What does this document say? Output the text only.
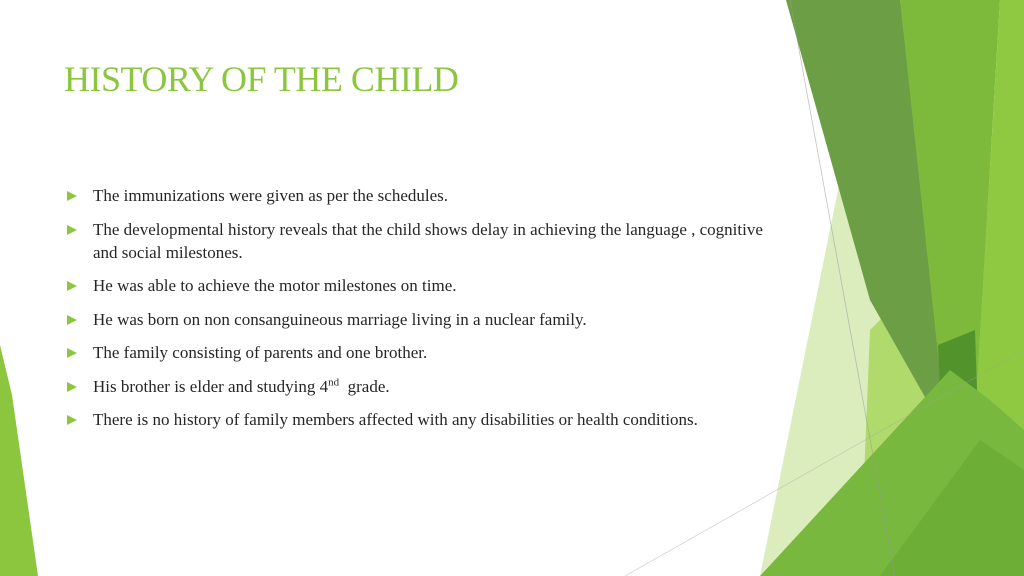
HISTORY OF THE CHILD
The immunizations were given as per the schedules.
The developmental history reveals that the child shows delay in achieving the language , cognitive and social milestones.
He was able to achieve the motor milestones on time.
He was born on non consanguineous marriage living in a nuclear family.
The family consisting of parents and one brother.
His brother is elder and studying 4nd  grade.
There is no history of family members affected with any disabilities or health conditions.
